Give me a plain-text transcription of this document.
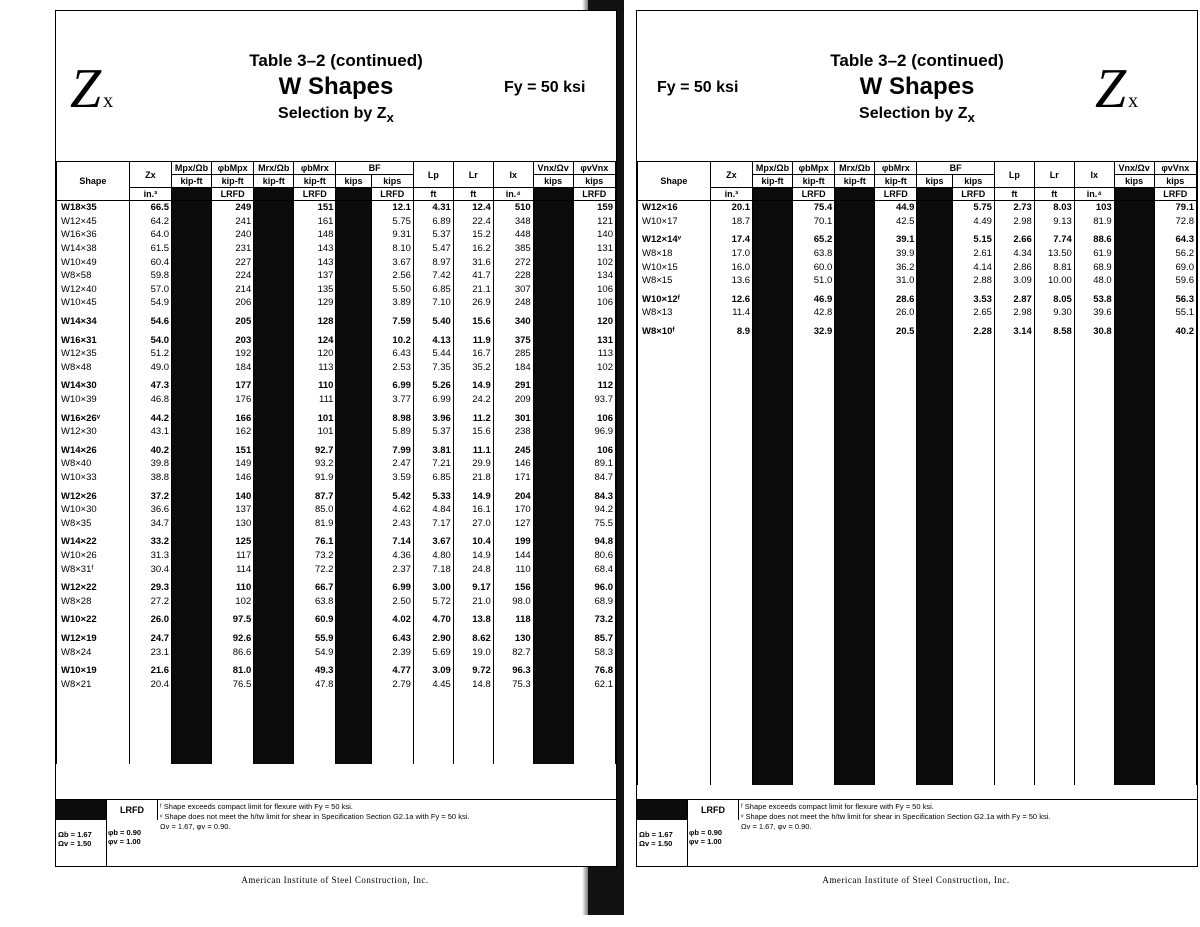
Zx
Table 3–2 (continued)
W Shapes
Selection by $Z_x$
Fy = 50 ksi
Shape	Zx	Mpx/Ωb	φbMpx	Mrx/Ωb	φbMrx	BF		Lp	Lr	Ix	Vnx/Ωv	φvVnx
		kip-ft	kip-ft	kip-ft	kip-ft	kips	kips				kips	kips
	in.³		LRFD		LRFD		LRFD	ft	ft	in.⁴		LRFD
W18×35	66.5		249		151		12.1	4.31	12.4	510		159
W12×45	64.2		241		161		5.75	6.89	22.4	348		121
W16×36	64.0		240		148		9.31	5.37	15.2	448		140
W14×38	61.5		231		143		8.10	5.47	16.2	385		131
W10×49	60.4		227		143		3.67	8.97	31.6	272		102
W8×58	59.8		224		137		2.56	7.42	41.7	228		134
W12×40	57.0		214		135		5.50	6.85	21.1	307		106
W10×45	54.9		206		129		3.89	7.10	26.9	248		106
W14×34	54.6		205		128		7.59	5.40	15.6	340		120
W16×31	54.0		203		124		10.2	4.13	11.9	375		131
W12×35	51.2		192		120		6.43	5.44	16.7	285		113
W8×48	49.0		184		113		2.53	7.35	35.2	184		102
W14×30	47.3		177		110		6.99	5.26	14.9	291		112
W10×39	46.8		176		111		3.77	6.99	24.2	209		93.7
W16×26ᵛ	44.2		166		101		8.98	3.96	11.2	301		106
W12×30	43.1		162		101		5.89	5.37	15.6	238		96.9
W14×26	40.2		151		92.7		7.99	3.81	11.1	245		106
W8×40	39.8		149		93.2		2.47	7.21	29.9	146		89.1
W10×33	38.8		146		91.9		3.59	6.85	21.8	171		84.7
W12×26	37.2		140		87.7		5.42	5.33	14.9	204		84.3
W10×30	36.6		137		85.0		4.62	4.84	16.1	170		94.2
W8×35	34.7		130		81.9		2.43	7.17	27.0	127		75.5
W14×22	33.2		125		76.1		7.14	3.67	10.4	199		94.8
W10×26	31.3		117		73.2		4.36	4.80	14.9	144		80.6
W8×31ᶠ	30.4		114		72.2		2.37	7.18	24.8	110		68.4
W12×22	29.3		110		66.7		6.99	3.00	9.17	156		96.0
W8×28	27.2		102		63.8		2.50	5.72	21.0	98.0		68.9
W10×22	26.0		97.5		60.9		4.02	4.70	13.8	118		73.2
W12×19	24.7		92.6		55.9		6.43	2.90	8.62	130		85.7
W8×24	23.1		86.6		54.9		2.39	5.69	19.0	82.7		58.3
W10×19	21.6		81.0		49.3		4.77	3.09	9.72	96.3		76.8
W8×21	20.4		76.5		47.8		2.79	4.45	14.8	75.3		62.1

LRFD
Ωb = 1.67
Ωv = 1.50
φb = 0.90
φv = 1.00
ᶠ Shape exceeds compact limit for flexure with Fy = 50 ksi.
ᵛ Shape does not meet the h/tw limit for shear in Specification Section G2.1a with Fy = 50 ksi.
Ωv = 1.67, φv = 0.90.
American Institute of Steel Construction, Inc.
Fy = 50 ksi
Table 3–2 (continued)
W Shapes
Selection by $Z_x$	Zx
Shape	Zx	Mpx/Ωb	φbMpx	Mrx/Ωb	φbMrx	BF		Lp	Lr	Ix	Vnx/Ωv	φvVnx
		kip-ft	kip-ft	kip-ft	kip-ft	kips	kips				kips	kips
	in.³		LRFD		LRFD		LRFD	ft	ft	in.⁴		LRFD
W12×16	20.1		75.4		44.9		5.75	2.73	8.03	103		79.1
W10×17	18.7		70.1		42.5		4.49	2.98	9.13	81.9		72.8
W12×14ᵛ	17.4		65.2		39.1		5.15	2.66	7.74	88.6		64.3
W8×18	17.0		63.8		39.9		2.61	4.34	13.50	61.9		56.2
W10×15	16.0		60.0		36.2		4.14	2.86	8.81	68.9		69.0
W8×15	13.6		51.0		31.0		2.88	3.09	10.00	48.0		59.6
W10×12ᶠ	12.6		46.9		28.6		3.53	2.87	8.05	53.8		56.3
W8×13	11.4		42.8		26.0		2.65	2.98	9.30	39.6		55.1
W8×10ᶠ	8.9		32.9		20.5		2.28	3.14	8.58	30.8		40.2

LRFD
Ωb = 1.67
Ωv = 1.50
φb = 0.90
φv = 1.00
ᶠ Shape exceeds compact limit for flexure with Fy = 50 ksi.
ᵛ Shape does not meet the h/tw limit for shear in Specification Section G2.1a with Fy = 50 ksi.
Ωv = 1.67, φv = 0.90.
American Institute of Steel Construction, Inc.
